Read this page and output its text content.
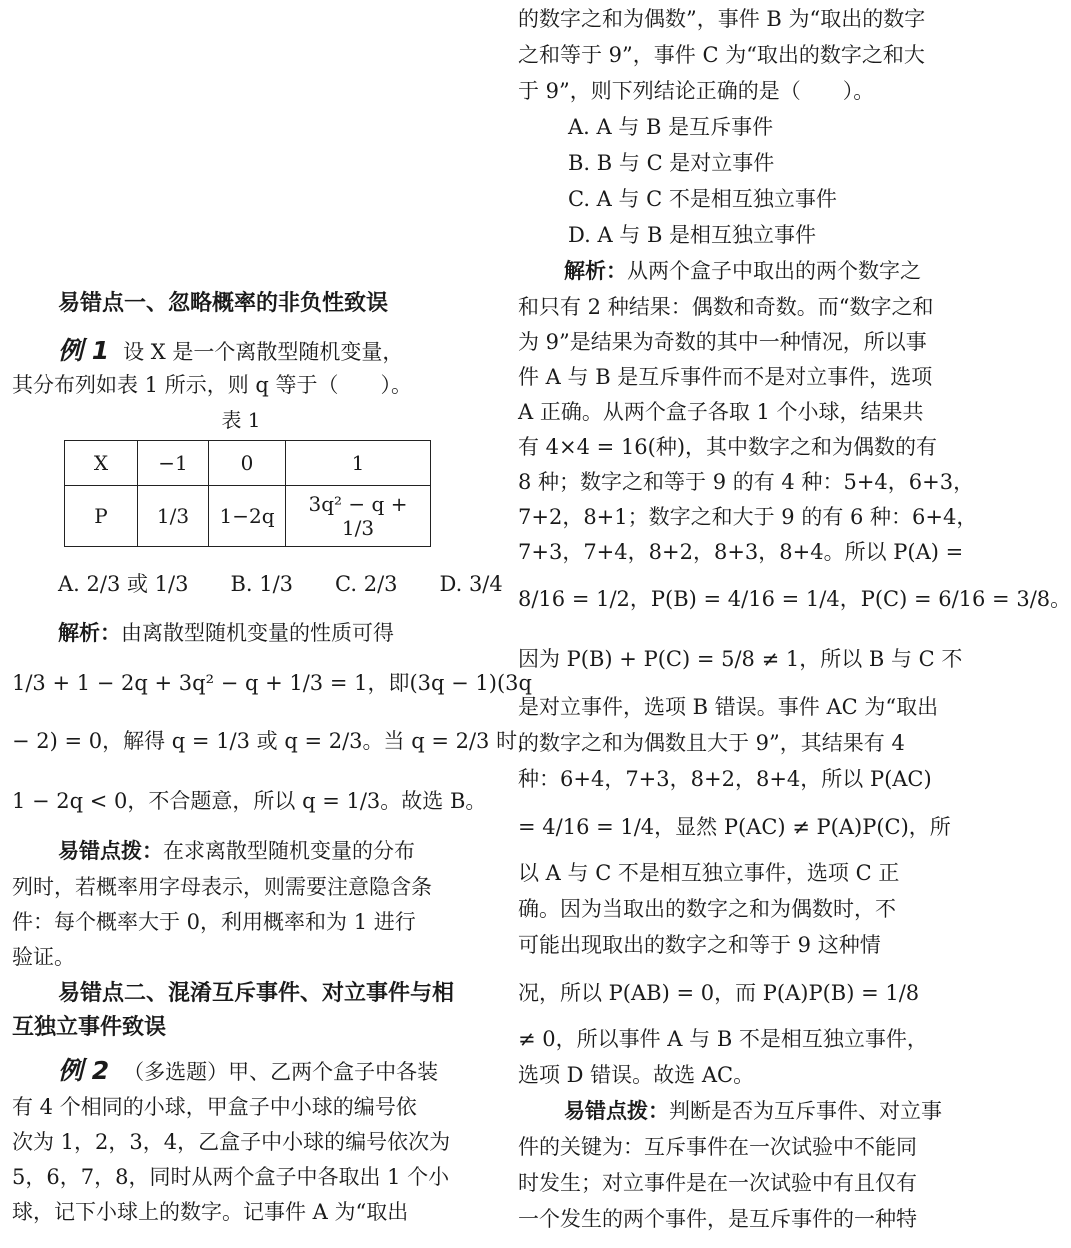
易错点一、忽略概率的非负性致误
例 1 设 X 是一个离散型随机变量，
其分布列如表 1 所示，则 q 等于（　　）。
表 1
X	−1	0	1
P	1/3	1−2q	3q² − q + 1/3
A. 2/3 或 1/3　　B. 1/3　　C. 2/3　　D. 3/4
解析：由离散型随机变量的性质可得
1/3 + 1 − 2q + 3q² − q + 1/3 = 1，即(3q − 1)(3q
− 2) = 0，解得 q = 1/3 或 q = 2/3。当 q = 2/3 时，
1 − 2q < 0，不合题意，所以 q = 1/3。故选 B。
易错点拨：在求离散型随机变量的分布
列时，若概率用字母表示，则需要注意隐含条
件：每个概率大于 0，利用概率和为 1 进行
验证。
易错点二、混淆互斥事件、对立事件与相
互独立事件致误
例 2 （多选题）甲、乙两个盒子中各装
有 4 个相同的小球，甲盒子中小球的编号依
次为 1，2，3，4，乙盒子中小球的编号依次为
5，6，7，8，同时从两个盒子中各取出 1 个小
球，记下小球上的数字。记事件 A 为“取出
的数字之和为偶数”，事件 B 为“取出的数字
之和等于 9”，事件 C 为“取出的数字之和大
于 9”，则下列结论正确的是（　　）。
A. A 与 B 是互斥事件
B. B 与 C 是对立事件
C. A 与 C 不是相互独立事件
D. A 与 B 是相互独立事件
解析：从两个盒子中取出的两个数字之
和只有 2 种结果：偶数和奇数。而“数字之和
为 9”是结果为奇数的其中一种情况，所以事
件 A 与 B 是互斥事件而不是对立事件，选项
A 正确。从两个盒子各取 1 个小球，结果共
有 4×4 = 16(种)，其中数字之和为偶数的有
8 种；数字之和等于 9 的有 4 种：5+4，6+3，
7+2，8+1；数字之和大于 9 的有 6 种：6+4，
7+3，7+4，8+2，8+3，8+4。所以 P(A) =
8/16 = 1/2，P(B) = 4/16 = 1/4，P(C) = 6/16 = 3/8。
因为 P(B) + P(C) = 5/8 ≠ 1，所以 B 与 C 不
是对立事件，选项 B 错误。事件 AC 为“取出
的数字之和为偶数且大于 9”，其结果有 4
种：6+4，7+3，8+2，8+4，所以 P(AC)
= 4/16 = 1/4，显然 P(AC) ≠ P(A)P(C)，所
以 A 与 C 不是相互独立事件，选项 C 正
确。因为当取出的数字之和为偶数时，不
可能出现取出的数字之和等于 9 这种情
况，所以 P(AB) = 0，而 P(A)P(B) = 1/8
≠ 0，所以事件 A 与 B 不是相互独立事件，
选项 D 错误。故选 AC。
易错点拨：判断是否为互斥事件、对立事
件的关键为：互斥事件在一次试验中不能同
时发生；对立事件是在一次试验中有且仅有
一个发生的两个事件，是互斥事件的一种特
